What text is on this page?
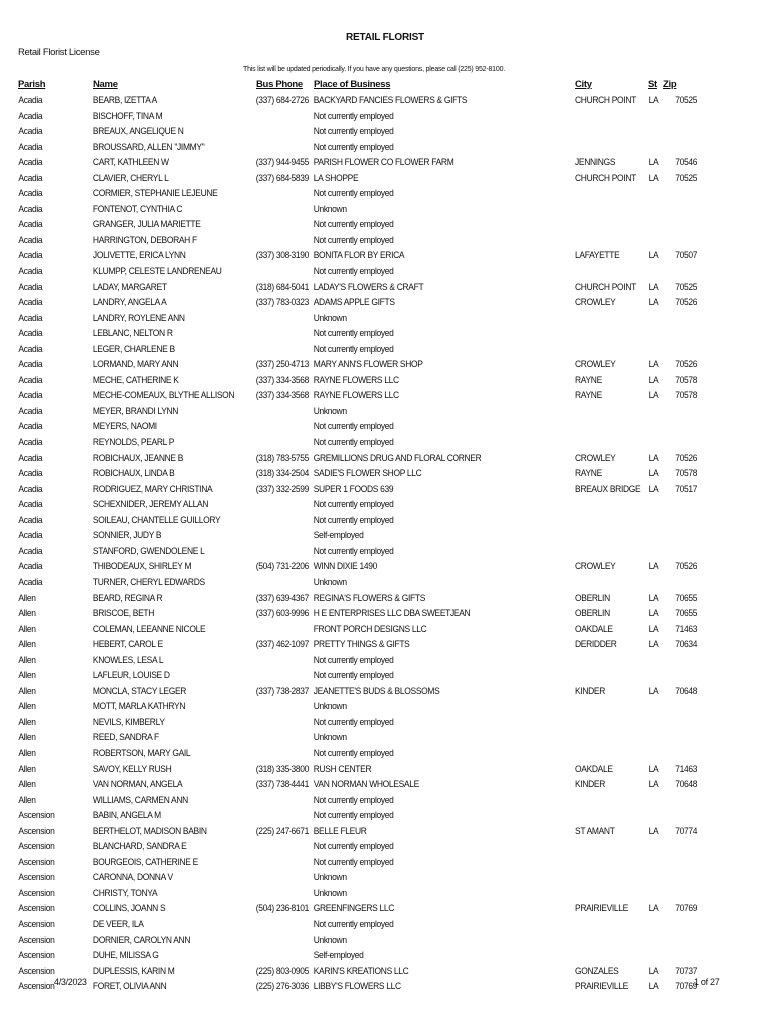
RETAIL FLORIST
Retail Florist License
This list will be updated periodically. If you have any questions, please call (225) 952-8100.
Parish	Name	Bus Phone Place of Business	City	St Zip
Acadia	BEARB, IZETTA A	(337) 684-2726 BACKYARD FANCIES FLOWERS & GIFTS	CHURCH POINT LA 70525
Acadia	BISCHOFF, TINA M	Not currently employed
Acadia	BREAUX, ANGELIQUE N	Not currently employed
Acadia	BROUSSARD, ALLEN "JIMMY"	Not currently employed
Acadia	CART, KATHLEEN W	(337) 944-9455 PARISH FLOWER CO FLOWER FARM	JENNINGS	LA 70546
Acadia	CLAVIER, CHERYL L	(337) 684-5839 LA SHOPPE	CHURCH POINT LA 70525
Acadia	CORMIER, STEPHANIE LEJEUNE	Not currently employed
Acadia	FONTENOT, CYNTHIA C	Unknown
Acadia	GRANGER, JULIA MARIETTE	Not currently employed
Acadia	HARRINGTON, DEBORAH F	Not currently employed
Acadia	JOLIVETTE, ERICA LYNN	(337) 308-3190 BONITA FLOR BY ERICA	LAFAYETTE	LA 70507
Acadia	KLUMPP, CELESTE LANDRENEAU	Not currently employed
Acadia	LADAY, MARGARET	(318) 684-5041 LADAY'S FLOWERS & CRAFT	CHURCH POINT LA 70525
Acadia	LANDRY, ANGELA A	(337) 783-0323 ADAMS APPLE GIFTS	CROWLEY	LA 70526
Acadia	LANDRY, ROYLENE ANN	Unknown
Acadia	LEBLANC, NELTON R	Not currently employed
Acadia	LEGER, CHARLENE B	Not currently employed
Acadia	LORMAND, MARY ANN	(337) 250-4713 MARY ANN'S FLOWER SHOP	CROWLEY	LA 70526
Acadia	MECHE, CATHERINE K	(337) 334-3568 RAYNE FLOWERS LLC	RAYNE	LA 70578
Acadia	MECHE-COMEAUX, BLYTHE ALLISON (337) 334-3568 RAYNE FLOWERS LLC	RAYNE	LA 70578
Acadia	MEYER, BRANDI LYNN	Unknown
Acadia	MEYERS, NAOMI	Not currently employed
Acadia	REYNOLDS, PEARL P	Not currently employed
Acadia	ROBICHAUX, JEANNE B	(318) 783-5755 GREMILLIONS DRUG AND FLORAL CORNER	CROWLEY	LA 70526
Acadia	ROBICHAUX, LINDA B	(318) 334-2504 SADIE'S FLOWER SHOP LLC	RAYNE	LA 70578
Acadia	RODRIGUEZ, MARY CHRISTINA	(337) 332-2599 SUPER 1 FOODS 639	BREAUX BRIDGE LA 70517
Acadia	SCHEXNIDER, JEREMY ALLAN	Not currently employed
Acadia	SOILEAU, CHANTELLE GUILLORY	Not currently employed
Acadia	SONNIER, JUDY B	Self-employed
Acadia	STANFORD, GWENDOLENE L	Not currently employed
Acadia	THIBODEAUX, SHIRLEY M	(504) 731-2206 WINN DIXIE 1490	CROWLEY	LA 70526
Acadia	TURNER, CHERYL EDWARDS	Unknown
Allen	BEARD, REGINA R	(337) 639-4367 REGINA'S FLOWERS & GIFTS	OBERLIN	LA 70655
Allen	BRISCOE, BETH	(337) 603-9996 H E ENTERPRISES LLC DBA SWEETJEAN	OBERLIN	LA 70655
Allen	COLEMAN, LEEANNE NICOLE	FRONT PORCH DESIGNS LLC	OAKDALE	LA 71463
Allen	HEBERT, CAROL E	(337) 462-1097 PRETTY THINGS & GIFTS	DERIDDER	LA 70634
Allen	KNOWLES, LESA L	Not currently employed
Allen	LAFLEUR, LOUISE D	Not currently employed
Allen	MONCLA, STACY LEGER	(337) 738-2837 JEANETTE'S BUDS & BLOSSOMS	KINDER	LA 70648
Allen	MOTT, MARLA KATHRYN	Unknown
Allen	NEVILS, KIMBERLY	Not currently employed
Allen	REED, SANDRA F	Unknown
Allen	ROBERTSON, MARY GAIL	Not currently employed
Allen	SAVOY, KELLY RUSH	(318) 335-3800 RUSH CENTER	OAKDALE	LA 71463
Allen	VAN NORMAN, ANGELA	(337) 738-4441 VAN NORMAN WHOLESALE	KINDER	LA 70648
Allen	WILLIAMS, CARMEN ANN	Not currently employed
Ascension	BABIN, ANGELA M	Not currently employed
Ascension	BERTHELOT, MADISON BABIN	(225) 247-6671 BELLE FLEUR	ST AMANT	LA 70774
Ascension	BLANCHARD, SANDRA E	Not currently employed
Ascension	BOURGEOIS, CATHERINE E	Not currently employed
Ascension	CARONNA, DONNA V	Unknown
Ascension	CHRISTY, TONYA	Unknown
Ascension	COLLINS, JOANN S	(504) 236-8101 GREENFINGERS LLC	PRAIRIEVILLE LA 70769
Ascension	DE VEER, ILA	Not currently employed
Ascension	DORNIER, CAROLYN ANN	Unknown
Ascension	DUHE, MILISSA G	Self-employed
Ascension	DUPLESSIS, KARIN M	(225) 803-0905 KARIN'S KREATIONS LLC	GONZALES	LA 70737
Ascension	FORET, OLIVIA ANN	(225) 276-3036 LIBBY'S FLOWERS LLC	PRAIRIEVILLE LA 70769
4/3/2023	1 of 27
